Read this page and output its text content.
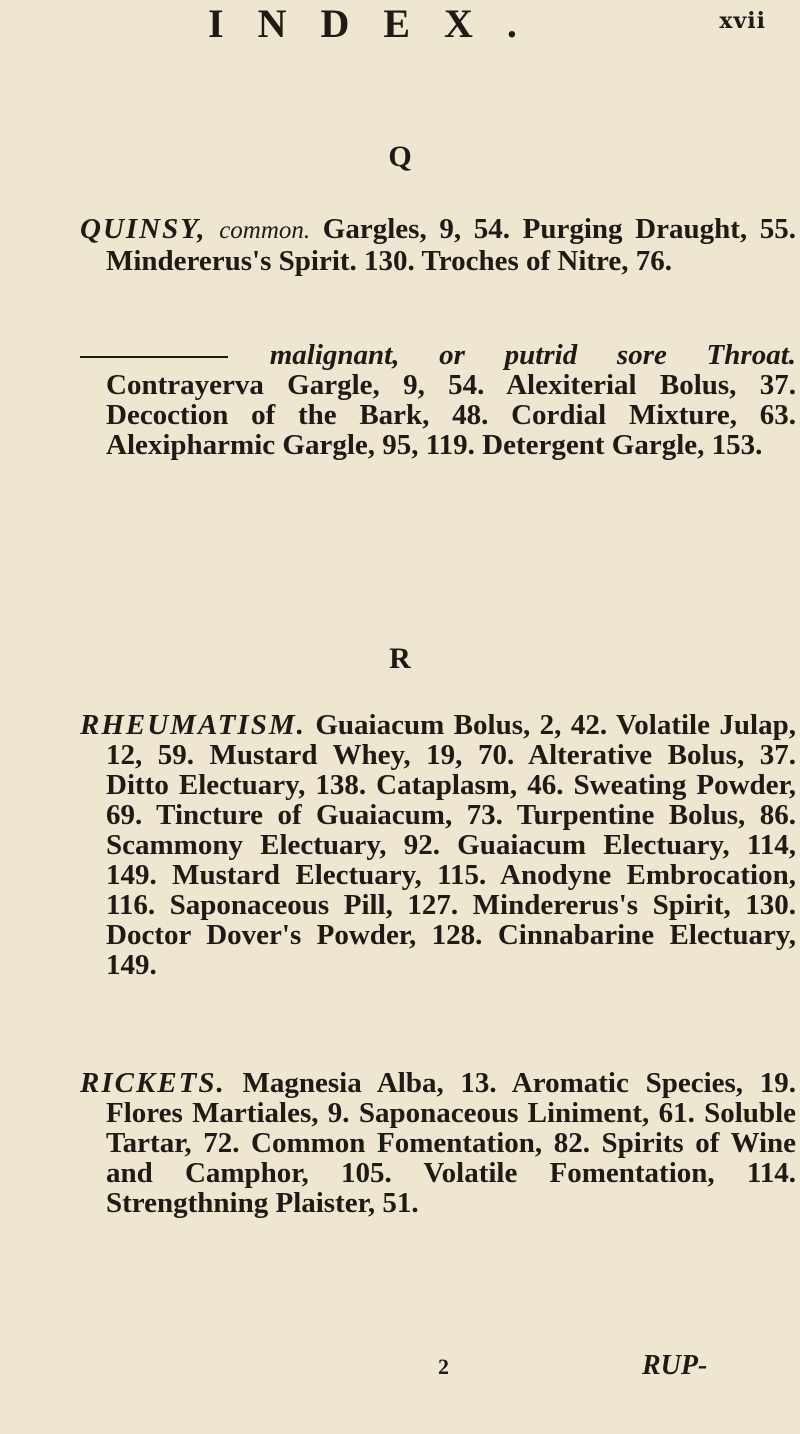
INDEX.	xvii
Q
QUINSY, common. Gargles, 9, 54. Purging Draught, 55. Mindererus's Spirit. 130. Troches of Nitre, 76.
malignant, or putrid sore Throat. Contrayerva Gargle, 9, 54. Alexiterial Bolus, 37. Decoction of the Bark, 48. Cordial Mixture, 63. Alexipharmic Gargle, 95, 119. Detergent Gargle, 153.
R
RHEUMATISM. Guaiacum Bolus, 2, 42. Volatile Julap, 12, 59. Mustard Whey, 19, 70. Alterative Bolus, 37. Ditto Electuary, 138. Cataplasm, 46. Sweating Powder, 69. Tincture of Guaiacum, 73. Turpentine Bolus, 86. Scammony Electuary, 92. Guaiacum Electuary, 114, 149. Mustard Electuary, 115. Anodyne Embrocation, 116. Saponaceous Pill, 127. Mindererus's Spirit, 130. Doctor Dover's Powder, 128. Cinnabarine Electuary, 149.
RICKETS. Magnesia Alba, 13. Aromatic Species, 19. Flores Martiales, 9. Saponaceous Liniment, 61. Soluble Tartar, 72. Common Fomentation, 82. Spirits of Wine and Camphor, 105. Volatile Fomentation, 114. Strengthning Plaister, 51.
2	RUP-
